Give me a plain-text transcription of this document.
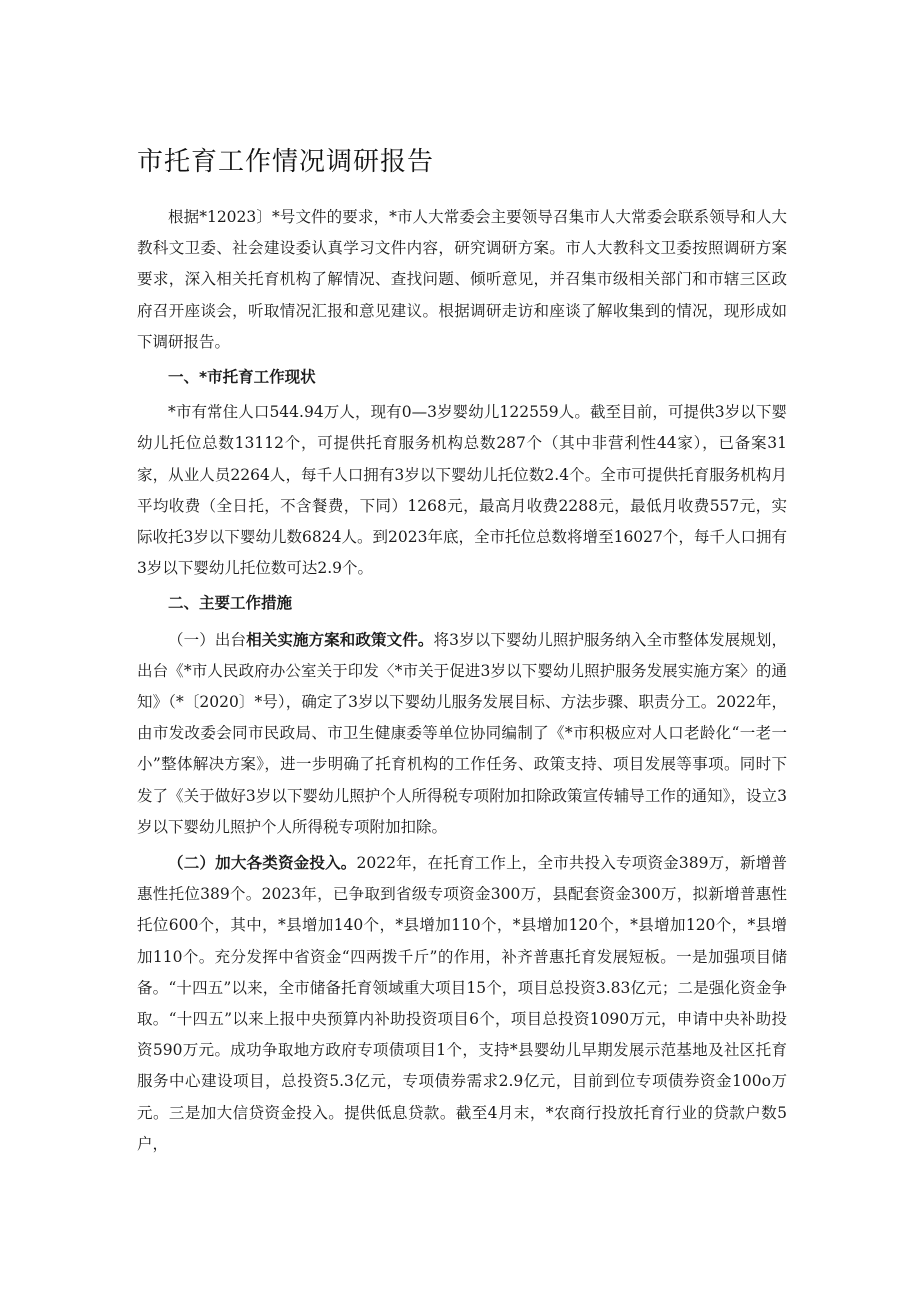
市托育工作情况调研报告

根据*12023〕*号文件的要求，*市人大常委会主要领导召集市人大常委会联系领导和人大教科文卫委、社会建设委认真学习文件内容，研究调研方案。市人大教科文卫委按照调研方案要求，深入相关托育机构了解情况、查找问题、倾听意见，并召集市级相关部门和市辖三区政府召开座谈会，听取情况汇报和意见建议。根据调研走访和座谈了解收集到的情况，现形成如下调研报告。

一、*市托育工作现状

*市有常住人口544.94万人，现有0—3岁婴幼儿122559人。截至目前，可提供3岁以下婴幼儿托位总数13112个，可提供托育服务机构总数287个（其中非营利性44家），已备案31家，从业人员2264人，每千人口拥有3岁以下婴幼儿托位数2.4个。全市可提供托育服务机构月平均收费（全日托，不含餐费，下同）1268元，最高月收费2288元，最低月收费557元，实际收托3岁以下婴幼儿数6824人。到2023年底，全市托位总数将增至16027个，每千人口拥有3岁以下婴幼儿托位数可达2.9个。

二、主要工作措施

（一）出台相关实施方案和政策文件。将3岁以下婴幼儿照护服务纳入全市整体发展规划，出台《*市人民政府办公室关于印发〈*市关于促进3岁以下婴幼儿照护服务发展实施方案〉的通知》（*〔2020〕*号），确定了3岁以下婴幼儿服务发展目标、方法步骤、职责分工。2022年，由市发改委会同市民政局、市卫生健康委等单位协同编制了《*市积极应对人口老龄化“一老一小”整体解决方案》，进一步明确了托育机构的工作任务、政策支持、项目发展等事项。同时下发了《关于做好3岁以下婴幼儿照护个人所得税专项附加扣除政策宣传辅导工作的通知》，设立3岁以下婴幼儿照护个人所得税专项附加扣除。

（二）加大各类资金投入。2022年，在托育工作上，全市共投入专项资金389万，新增普惠性托位389个。2023年，已争取到省级专项资金300万，县配套资金300万，拟新增普惠性托位600个，其中，*县增加140个，*县增加110个，*县增加120个，*县增加120个，*县增加110个。充分发挥中省资金“四两拨千斤”的作用，补齐普惠托育发展短板。一是加强项目储备。“十四五”以来，全市储备托育领域重大项目15个，项目总投资3.83亿元；二是强化资金争取。“十四五”以来上报中央预算内补助投资项目6个，项目总投资1090万元，申请中央补助投资590万元。成功争取地方政府专项债项目1个，支持*县婴幼儿早期发展示范基地及社区托育服务中心建设项目，总投资5.3亿元，专项债券需求2.9亿元，目前到位专项债券资金100o万元。三是加大信贷资金投入。提供低息贷款。截至4月末，*农商行投放托育行业的贷款户数5户，
